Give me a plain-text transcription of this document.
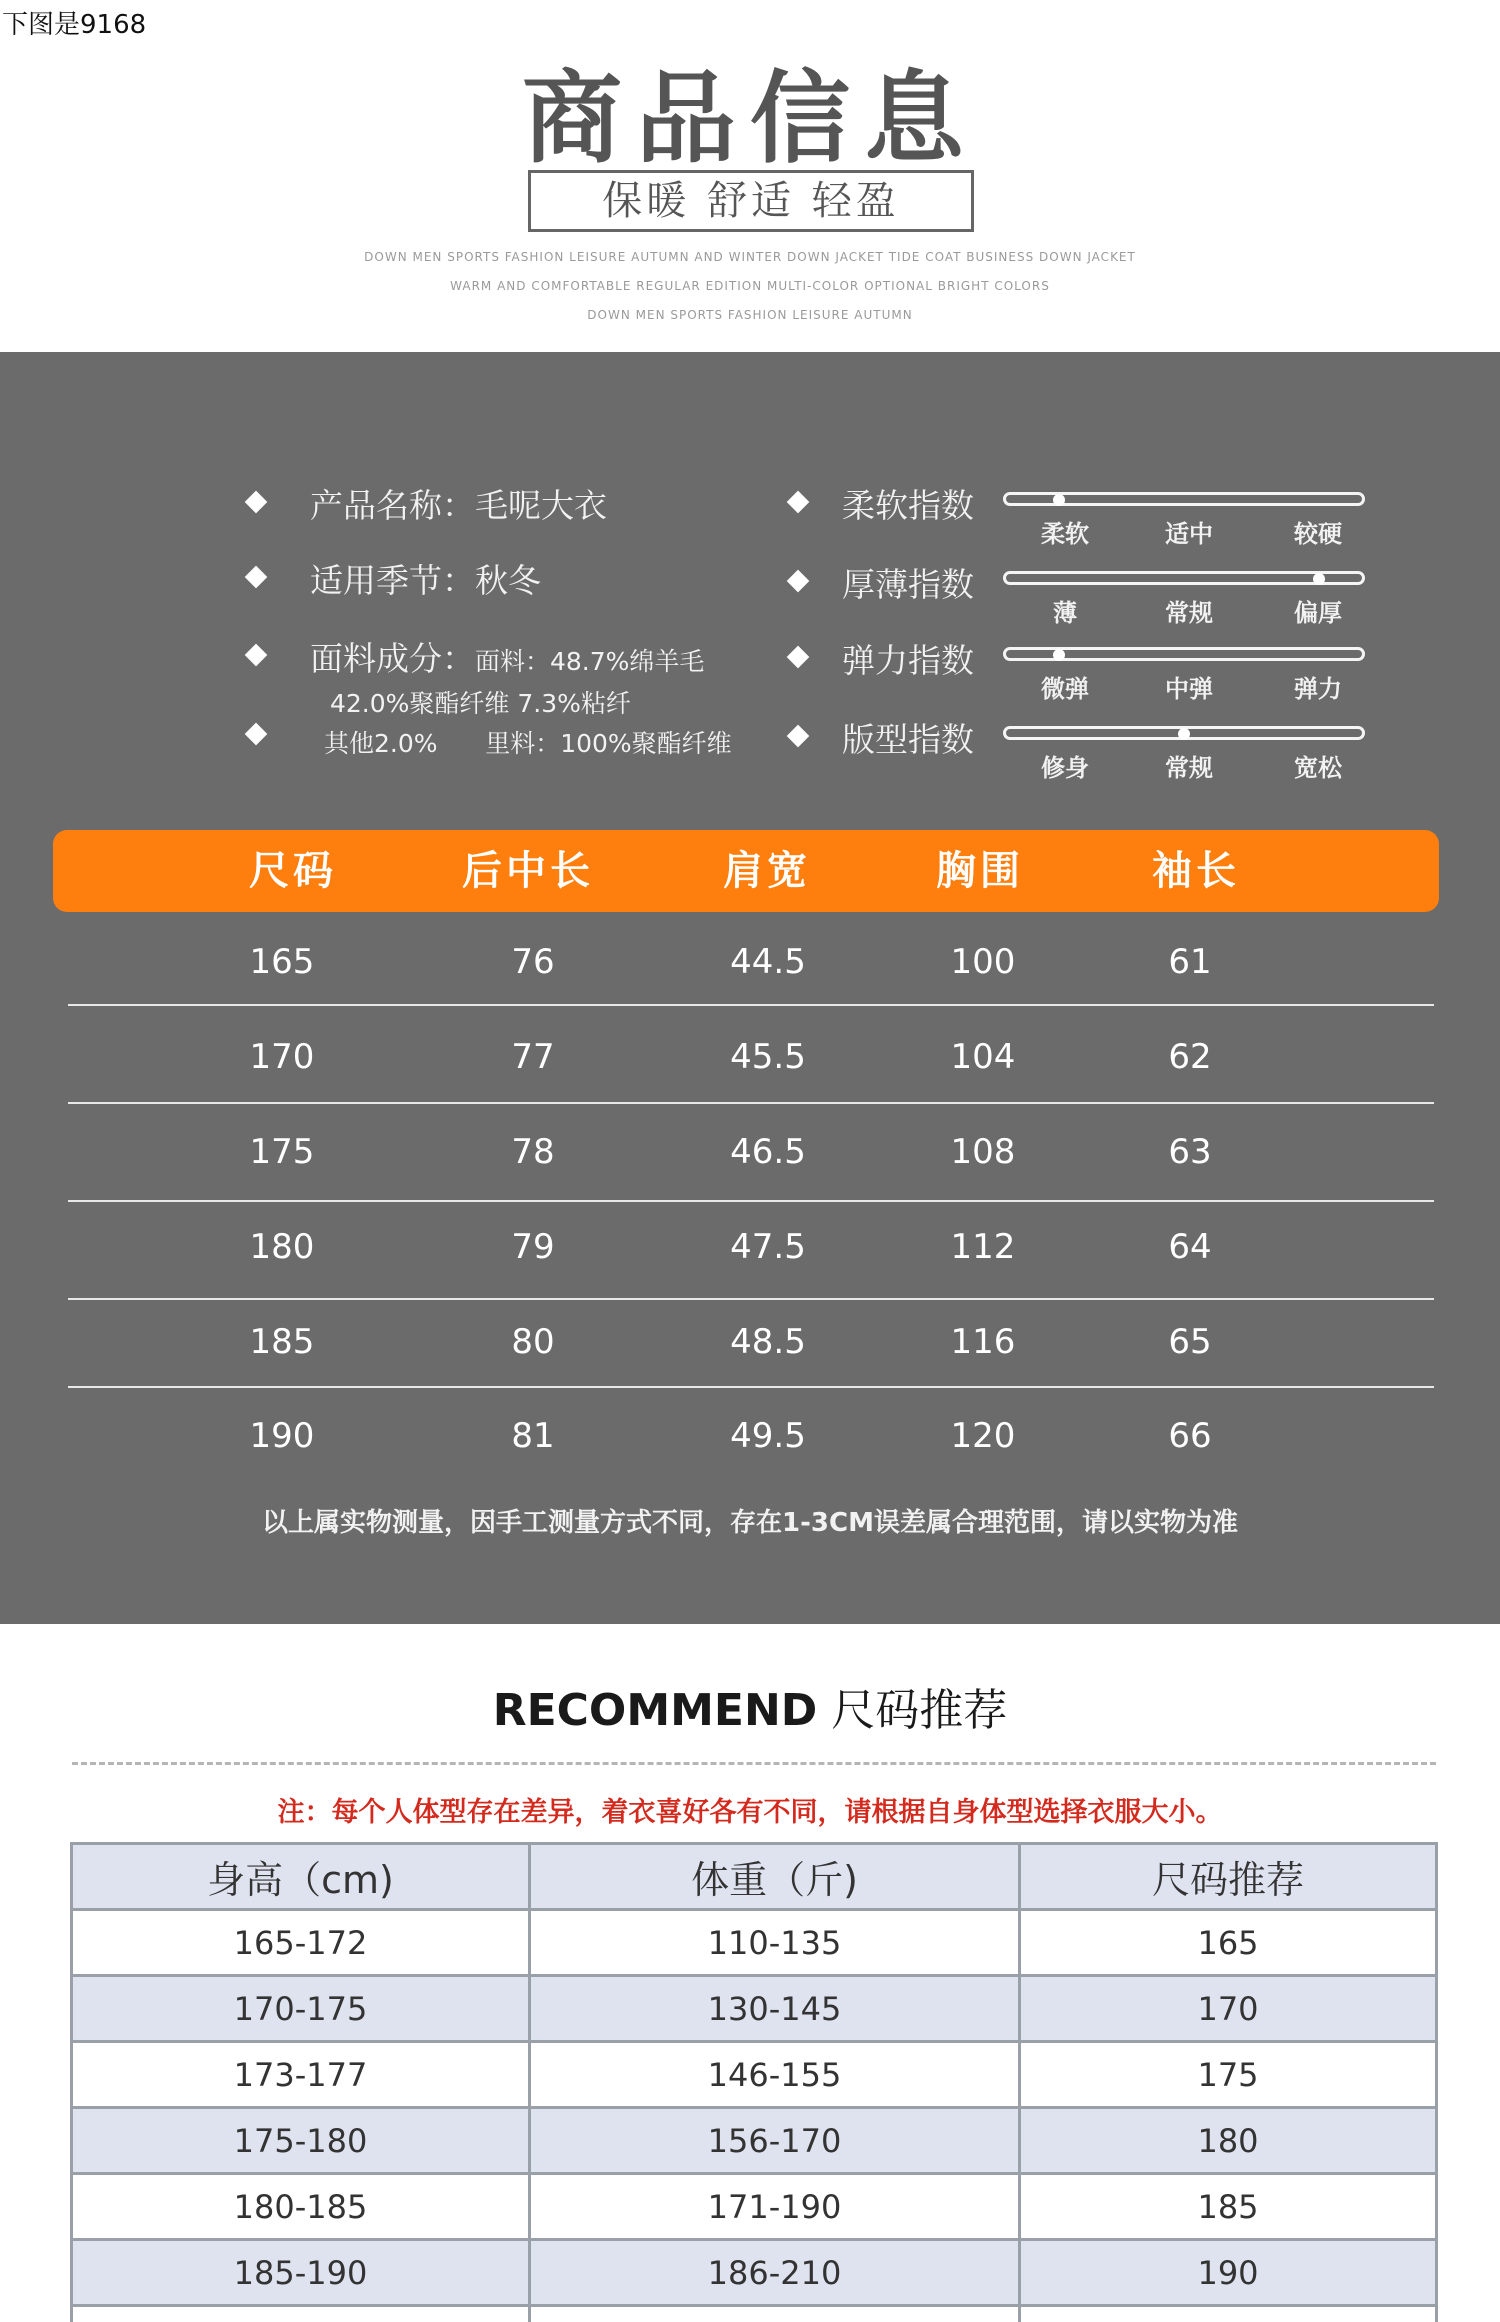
下图是9168
商品信息
保暖 舒适 轻盈
DOWN MEN SPORTS FASHION LEISURE AUTUMN AND WINTER DOWN JACKET TIDE COAT BUSINESS DOWN JACKET
WARM AND COMFORTABLE REGULAR EDITION MULTI-COLOR OPTIONAL BRIGHT COLORS
DOWN MEN SPORTS FASHION LEISURE AUTUMN
产品名称：毛呢大衣
适用季节：秋冬
面料成分：面料：48.7%绵羊毛
42.0%聚酯纤维 7.3%粘纤
其他2.0%      里料：100%聚酯纤维
柔软指数
柔软	适中	较硬
厚薄指数
薄	常规	偏厚
弹力指数
微弹	中弹	弹力
版型指数
修身	常规	宽松
尺码	后中长	肩宽	胸围	袖长
165	76	44.5	100	61
170	77	45.5	104	62
175	78	46.5	108	63
180	79	47.5	112	64
185	80	48.5	116	65
190	81	49.5	120	66
以上属实物测量，因手工测量方式不同，存在1-3CM误差属合理范围，请以实物为准
RECOMMEND 尺码推荐
注：每个人体型存在差异，着衣喜好各有不同，请根据自身体型选择衣服大小。
身高（cm)	体重（斤)	尺码推荐
165-172	110-135	165
170-175	130-145	170
173-177	146-155	175
175-180	156-170	180
180-185	171-190	185
185-190	186-210	190
